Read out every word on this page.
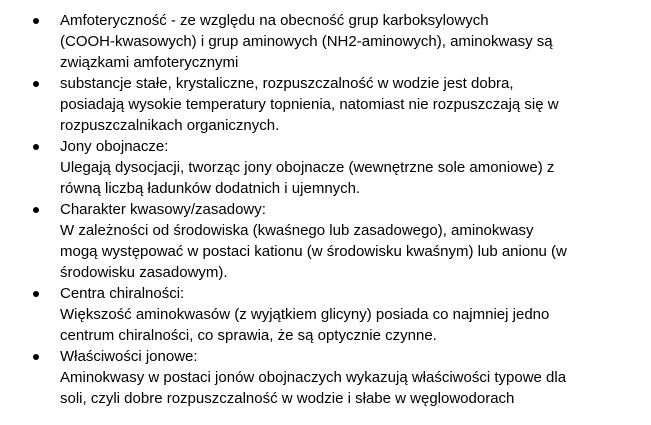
Amfoteryczność - ze względu na obecność grup karboksylowych
(COOH-kwasowych) i grup aminowych (NH2-aminowych), aminokwasy są
związkami amfoterycznymi
substancje stałe, krystaliczne, rozpuszczalność w wodzie jest dobra,
posiadają wysokie temperatury topnienia, natomiast nie rozpuszczają się w
rozpuszczalnikach organicznych.
Jony obojnacze:
Ulegają dysocjacji, tworząc jony obojnacze (wewnętrzne sole amoniowe) z
równą liczbą ładunków dodatnich i ujemnych.
Charakter kwasowy/zasadowy:
W zależności od środowiska (kwaśnego lub zasadowego), aminokwasy
mogą występować w postaci kationu (w środowisku kwaśnym) lub anionu (w
środowisku zasadowym).
Centra chiralności:
Większość aminokwasów (z wyjątkiem glicyny) posiada co najmniej jedno
centrum chiralności, co sprawia, że są optycznie czynne.
Właściwości jonowe:
Aminokwasy w postaci jonów obojnaczych wykazują właściwości typowe dla
soli, czyli dobre rozpuszczalność w wodzie i słabe w węglowodorach
